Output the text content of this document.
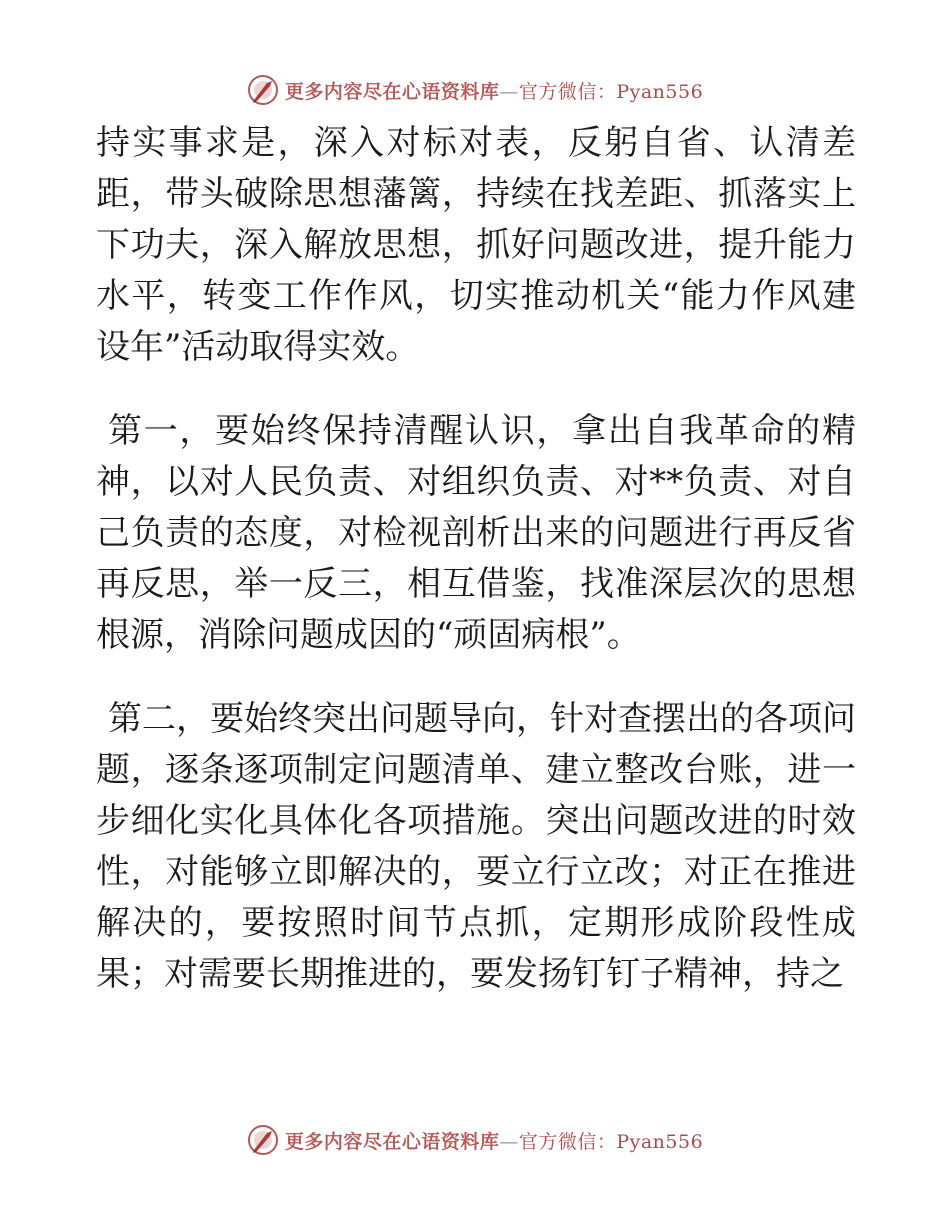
更多内容尽在心语资料库—官方微信：Pyan556

持实事求是，深入对标对表，反躬自省、认清差距，带头破除思想藩篱，持续在找差距、抓落实上下功夫，深入解放思想，抓好问题改进，提升能力水平，转变工作作风，切实推动机关“能力作风建设年”活动取得实效。

第一，要始终保持清醒认识，拿出自我革命的精神，以对人民负责、对组织负责、对**负责、对自己负责的态度，对检视剖析出来的问题进行再反省再反思，举一反三，相互借鉴，找准深层次的思想根源，消除问题成因的“顽固病根”。

第二，要始终突出问题导向，针对查摆出的各项问题，逐条逐项制定问题清单、建立整改台账，进一步细化实化具体化各项措施。突出问题改进的时效性，对能够立即解决的，要立行立改；对正在推进解决的，要按照时间节点抓，定期形成阶段性成果；对需要长期推进的，要发扬钉钉子精神，持之

更多内容尽在心语资料库—官方微信：Pyan556
